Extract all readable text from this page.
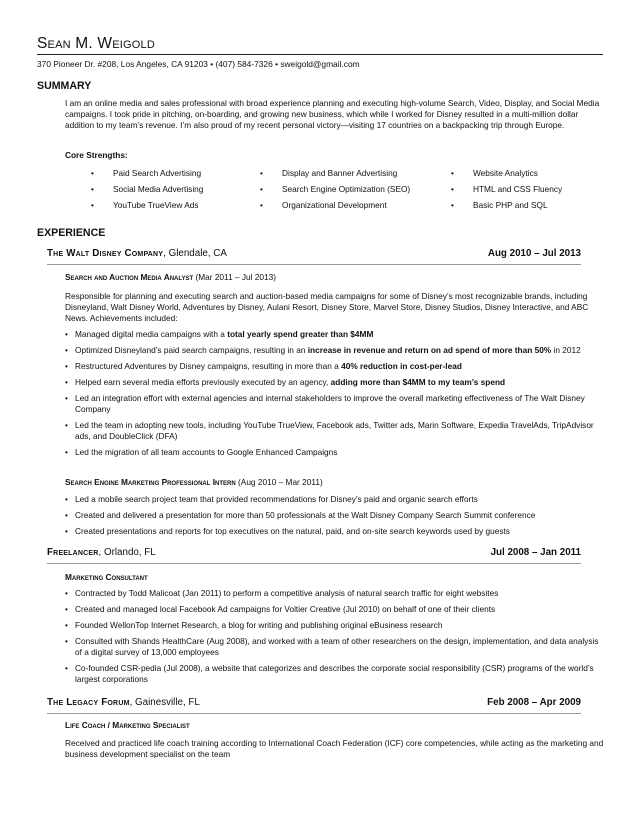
Sean M. Weigold
370 Pioneer Dr. #208, Los Angeles, CA 91203 • (407) 584-7326 • sweigold@gmail.com
SUMMARY
I am an online media and sales professional with broad experience planning and executing high-volume Search, Video, Display, and Social Media campaigns. I took pride in pitching, on-boarding, and growing new business, which while I worked for Disney resulted in a multi-million dollar addition to my team’s revenue. I’m also proud of my recent personal victory—visiting 17 countries on a backpacking trip through Europe.
Core Strengths:
• Paid Search Advertising	• Display and Banner Advertising	• Website Analytics
• Social Media Advertising	• Search Engine Optimization (SEO)	• HTML and CSS Fluency
• YouTube TrueView Ads	• Organizational Development	• Basic PHP and SQL
EXPERIENCE
The Walt Disney Company, Glendale, CA	Aug 2010 – Jul 2013
Search and Auction Media Analyst (Mar 2011 – Jul 2013)
Responsible for planning and executing search and auction-based media campaigns for some of Disney’s most recognizable brands, including Disneyland, Walt Disney World, Adventures by Disney, Aulani Resort, Disney Store, Marvel Store, Disney Studios, Disney Interactive, and ABC News. Achievements included:
• Managed digital media campaigns with a total yearly spend greater than $4MM
• Optimized Disneyland’s paid search campaigns, resulting in an increase in revenue and return on ad spend of more than 50% in 2012
• Restructured Adventures by Disney campaigns, resulting in more than a 40% reduction in cost-per-lead
• Helped earn several media efforts previously executed by an agency, adding more than $4MM to my team’s spend
• Led an integration effort with external agencies and internal stakeholders to improve the overall marketing effectiveness of The Walt Disney Company
• Led the team in adopting new tools, including YouTube TrueView, Facebook ads, Twitter ads, Marin Software, Expedia TravelAds, TripAdvisor ads, and DoubleClick (DFA)
• Led the migration of all team accounts to Google Enhanced Campaigns
Search Engine Marketing Professional Intern (Aug 2010 – Mar 2011)
• Led a mobile search project team that provided recommendations for Disney’s paid and organic search efforts
• Created and delivered a presentation for more than 50 professionals at the Walt Disney Company Search Summit conference
• Created presentations and reports for top executives on the natural, paid, and on-site search keywords used by guests
Freelancer, Orlando, FL	Jul 2008 – Jan 2011
Marketing Consultant
• Contracted by Todd Malicoat (Jan 2011) to perform a competitive analysis of natural search traffic for eight websites
• Created and managed local Facebook Ad campaigns for Voltier Creative (Jul 2010) on behalf of one of their clients
• Founded WellonTop Internet Research, a blog for writing and publishing original eBusiness research
• Consulted with Shands HealthCare (Aug 2008), and worked with a team of other researchers on the design, implementation, and data analysis of a digital survey of 13,000 employees
• Co-founded CSR-pedia (Jul 2008), a website that categorizes and describes the corporate social responsibility (CSR) programs of the world’s largest corporations
The Legacy Forum, Gainesville, FL	Feb 2008 – Apr 2009
Life Coach / Marketing Specialist
Received and practiced life coach training according to International Coach Federation (ICF) core competencies, while acting as the marketing and business development specialist on the team
